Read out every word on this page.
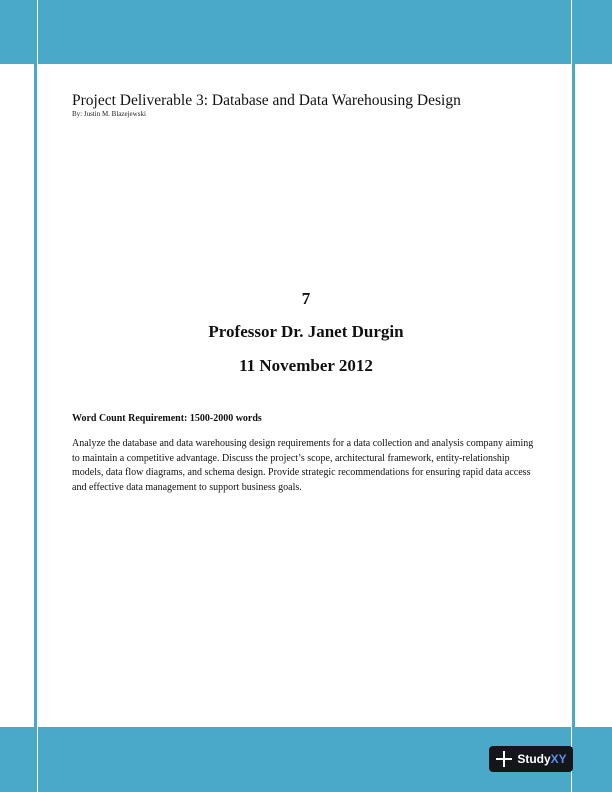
Project Deliverable 3: Database and Data Warehousing Design
By: Justin M. Blazejewski
7
Professor Dr. Janet Durgin
11 November 2012
Word Count Requirement: 1500-2000 words
Analyze the database and data warehousing design requirements for a data collection and analysis company aiming to maintain a competitive advantage. Discuss the project’s scope, architectural framework, entity-relationship models, data flow diagrams, and schema design. Provide strategic recommendations for ensuring rapid data access and effective data management to support business goals.
StudyXY
